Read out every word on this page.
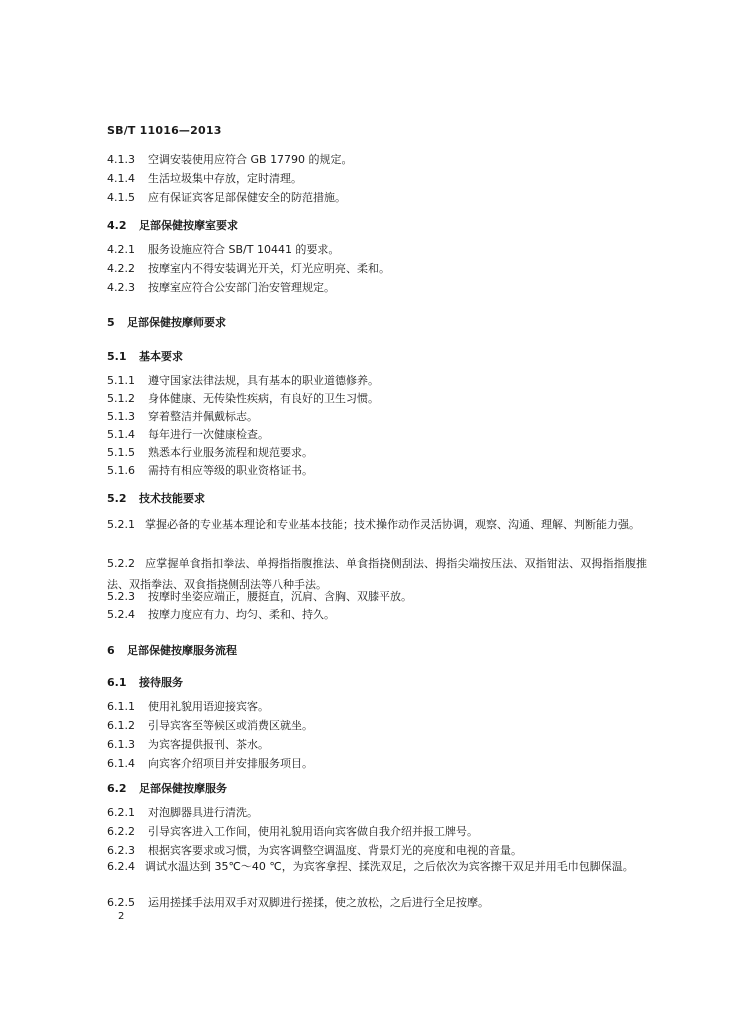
SB/T 11016—2013
4.1.3 空调安装使用应符合 GB 17790 的规定。
4.1.4 生活垃圾集中存放，定时清理。
4.1.5 应有保证宾客足部保健安全的防范措施。
4.2 足部保健按摩室要求
4.2.1 服务设施应符合 SB/T 10441 的要求。
4.2.2 按摩室内不得安装调光开关，灯光应明亮、柔和。
4.2.3 按摩室应符合公安部门治安管理规定。
5 足部保健按摩师要求
5.1 基本要求
5.1.1 遵守国家法律法规，具有基本的职业道德修养。
5.1.2 身体健康、无传染性疾病，有良好的卫生习惯。
5.1.3 穿着整洁并佩戴标志。
5.1.4 每年进行一次健康检查。
5.1.5 熟悉本行业服务流程和规范要求。
5.1.6 需持有相应等级的职业资格证书。
5.2 技术技能要求
5.2.1 掌握必备的专业基本理论和专业基本技能；技术操作动作灵活协调，观察、沟通、理解、判断能力强。
5.2.2 应掌握单食指扣拳法、单拇指指腹推法、单食指挠侧刮法、拇指尖端按压法、双指钳法、双拇指指腹推法、双指拳法、双食指挠侧刮法等八种手法。
5.2.3 按摩时坐姿应端正，腰挺直，沉肩、含胸、双膝平放。
5.2.4 按摩力度应有力、均匀、柔和、持久。
6 足部保健按摩服务流程
6.1 接待服务
6.1.1 使用礼貌用语迎接宾客。
6.1.2 引导宾客至等候区或消费区就坐。
6.1.3 为宾客提供报刊、茶水。
6.1.4 向宾客介绍项目并安排服务项目。
6.2 足部保健按摩服务
6.2.1 对泡脚器具进行清洗。
6.2.2 引导宾客进入工作间，使用礼貌用语向宾客做自我介绍并报工牌号。
6.2.3 根据宾客要求或习惯，为宾客调整空调温度、背景灯光的亮度和电视的音量。
6.2.4 调试水温达到 35℃～40 ℃，为宾客拿捏、揉洗双足，之后依次为宾客擦干双足并用毛巾包脚保温。
6.2.5 运用搓揉手法用双手对双脚进行搓揉，使之放松，之后进行全足按摩。
2
